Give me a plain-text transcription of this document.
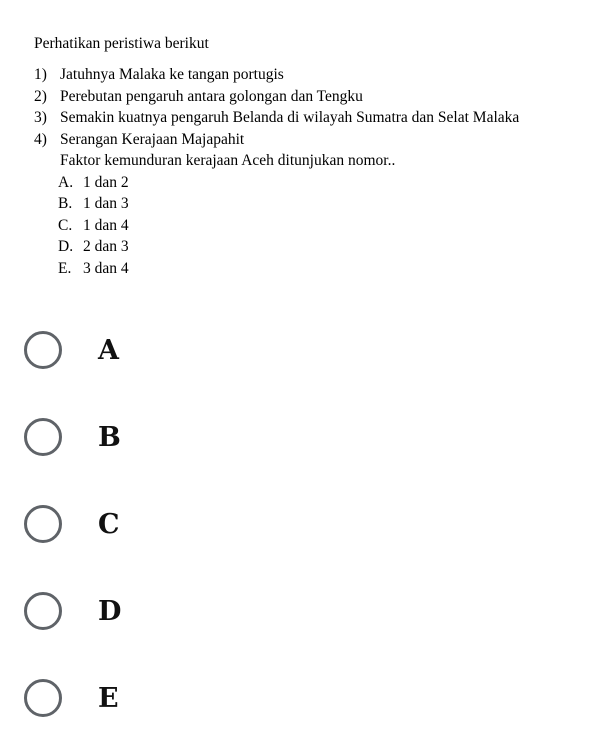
Perhatikan peristiwa berikut
1) Jatuhnya Malaka ke tangan portugis
2) Perebutan pengaruh antara golongan dan Tengku
3) Semakin kuatnya pengaruh Belanda di wilayah Sumatra dan Selat Malaka
4) Serangan Kerajaan Majapahit
Faktor kemunduran kerajaan Aceh ditunjukan nomor..
A. 1 dan 2
B. 1 dan 3
C. 1 dan 4
D. 2 dan 3
E. 3 dan 4
A
B
C
D
E
